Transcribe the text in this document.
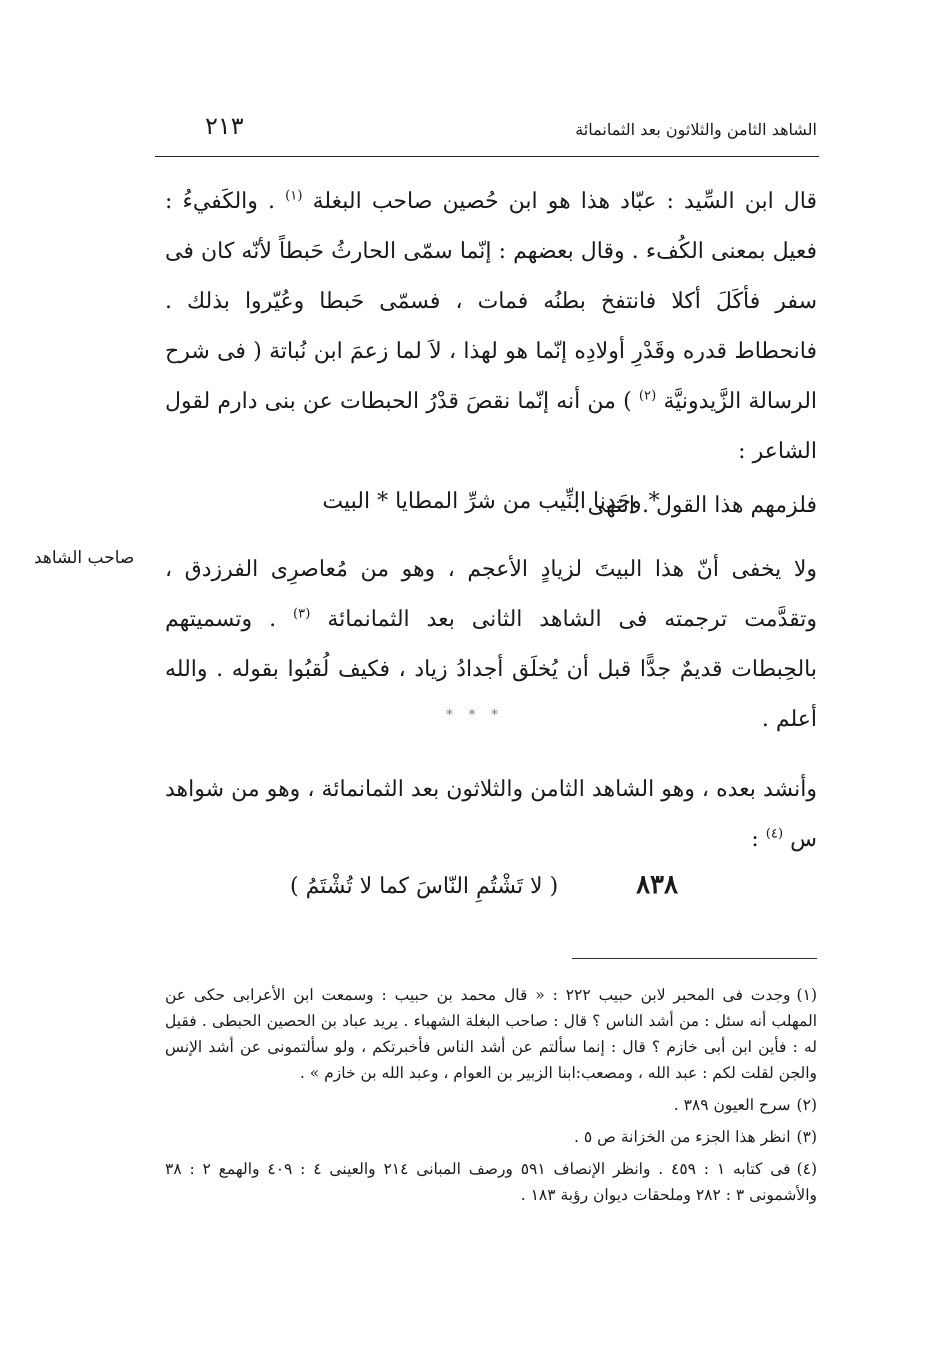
الشاهد الثامن والثلاثون بعد الثمانمائة
٢١٣

قال ابن السِّيد : عبّاد هذا هو ابن حُصين صاحب البغلة $^{(١)}$ . والكَفيءُ : فعيل بمعنى الكُفء . وقال بعضهم : إنّما سمّى الحارثُ حَبطاً لأنّه كان فى سفر فأكَلَ أكلا فانتفخ بطنُه فمات ، فسمّى حَبطا وعُيّروا بذلك . فانحطاط قدره وقَدْرِ أولادِه إنّما هو لهذا ، لاَ لما زعمَ ابن نُباتة ( فى شرح الرسالة الزَّيدونيَّة $^{(٢)}$ ) من أنه إنّما نقصَ قدْرُ الحبطات عن بنى دارم لقول الشاعر :
* وجَدنا النِّيب من شرِّ المطايا * البيت

فلزمهم هذا القول . انتهى .

ولا يخفى أنّ هذا البيتَ لزيادٍ الأعجم ، وهو من مُعاصرِى الفرزدق ، وتقدَّمت ترجمته فى الشاهد الثانى بعد الثمانمائة $^{(٣)}$ . وتسميتهم بالحِبطات قديمٌ جدًّا قبل أن يُخلَق أجدادُ زياد ، فكيف لُقبُوا بقوله . والله أعلم .

صاحب الشاهد
* * *

وأنشد بعده ، وهو الشاهد الثامن والثلاثون بعد الثمانمائة ، وهو من شواهد س $^{(٤)}$ :

٨٣٨
( لا تَشْتُمِ النّاسَ كما لا تُشْتَمُ )

(١)وجدت فى المحبر لابن حبيب ٢٢٢ : « قال محمد بن حبيب : وسمعت ابن الأعرابى حكى عن المهلب أنه سئل : من أشد الناس ؟ قال : صاحب البغلة الشهباء . يريد عباد بن الحصين الحبطى . فقيل له : فأين ابن أبى خازم ؟ قال : إنما سألتم عن أشد الناس فأخبرتكم ، ولو سألتمونى عن أشد الإنس والجن لقلت لكم : عبد الله ، ومصعب:ابنا الزبير بن العوام ، وعبد الله بن خازم » .

(٢)سرح العيون ٣٨٩ .

(٣)انظر هذا الجزء من الخزانة ص ٥ .

(٤)فى كتابه ١ : ٤٥٩ . وانظر الإنصاف ٥٩١ ورصف المبانى ٢١٤ والعينى ٤ : ٤٠٩ والهمع ٢ : ٣٨ والأشمونى ٣ : ٢٨٢ وملحقات ديوان رؤبة ١٨٣ .
